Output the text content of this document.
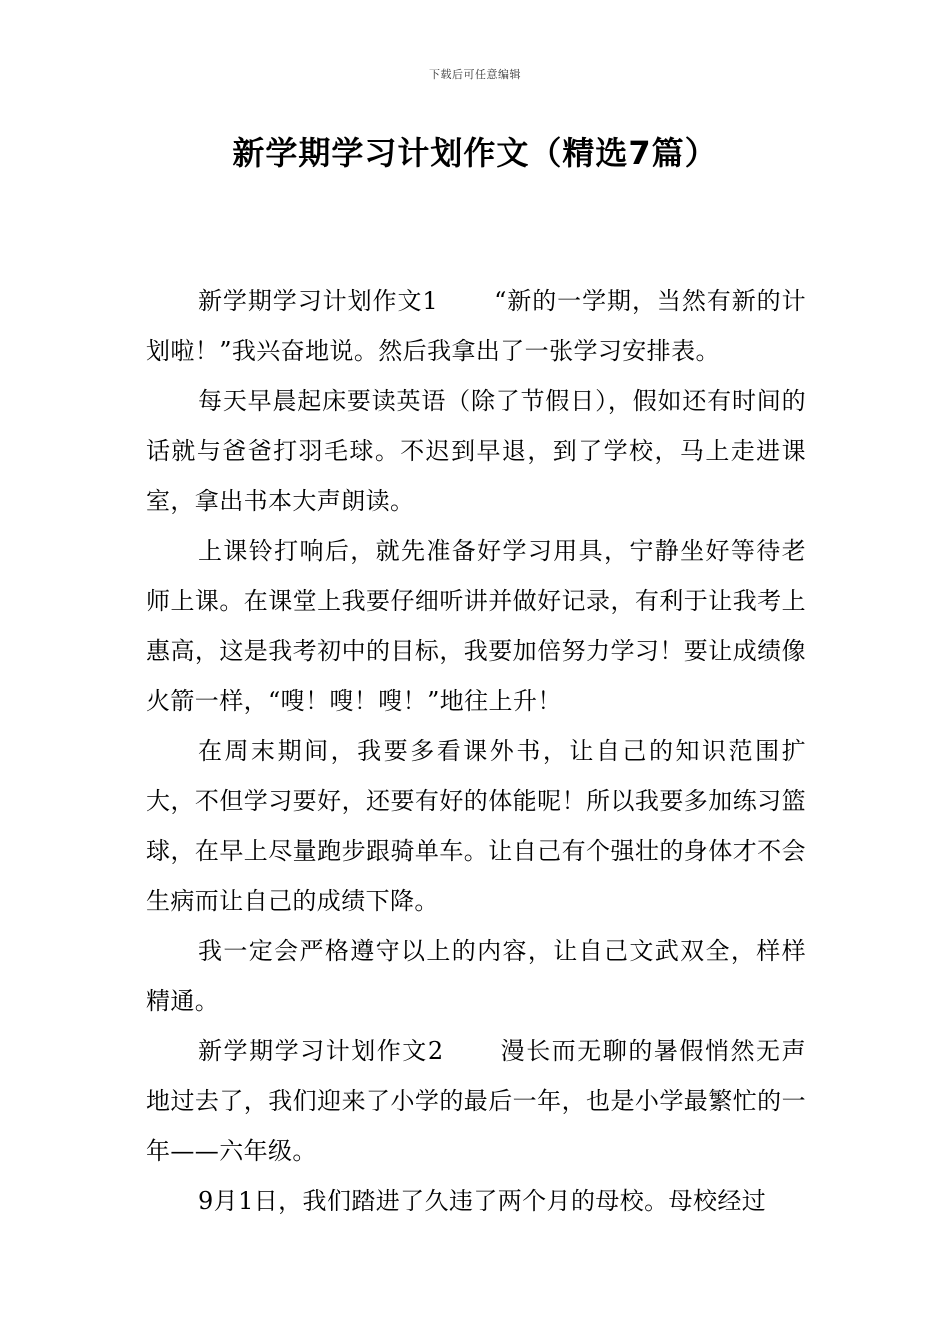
下载后可任意编辑
新学期学习计划作文（精选7篇）

新学期学习计划作文1 “新的一学期，当然有新的计划啦！”我兴奋地说。然后我拿出了一张学习安排表。

每天早晨起床要读英语（除了节假日），假如还有时间的话就与爸爸打羽毛球。不迟到早退，到了学校，马上走进课室，拿出书本大声朗读。

上课铃打响后，就先准备好学习用具，宁静坐好等待老师上课。在课堂上我要仔细听讲并做好记录，有利于让我考上惠高，这是我考初中的目标，我要加倍努力学习！要让成绩像火箭一样，“嗖！嗖！嗖！”地往上升！

在周末期间，我要多看课外书，让自己的知识范围扩大，不但学习要好，还要有好的体能呢！所以我要多加练习篮球，在早上尽量跑步跟骑单车。让自己有个强壮的身体才不会生病而让自己的成绩下降。

我一定会严格遵守以上的内容，让自己文武双全，样样精通。

新学期学习计划作文2 漫长而无聊的暑假悄然无声地过去了，我们迎来了小学的最后一年，也是小学最繁忙的一年——六年级。

9月1日，我们踏进了久违了两个月的母校。母校经过
